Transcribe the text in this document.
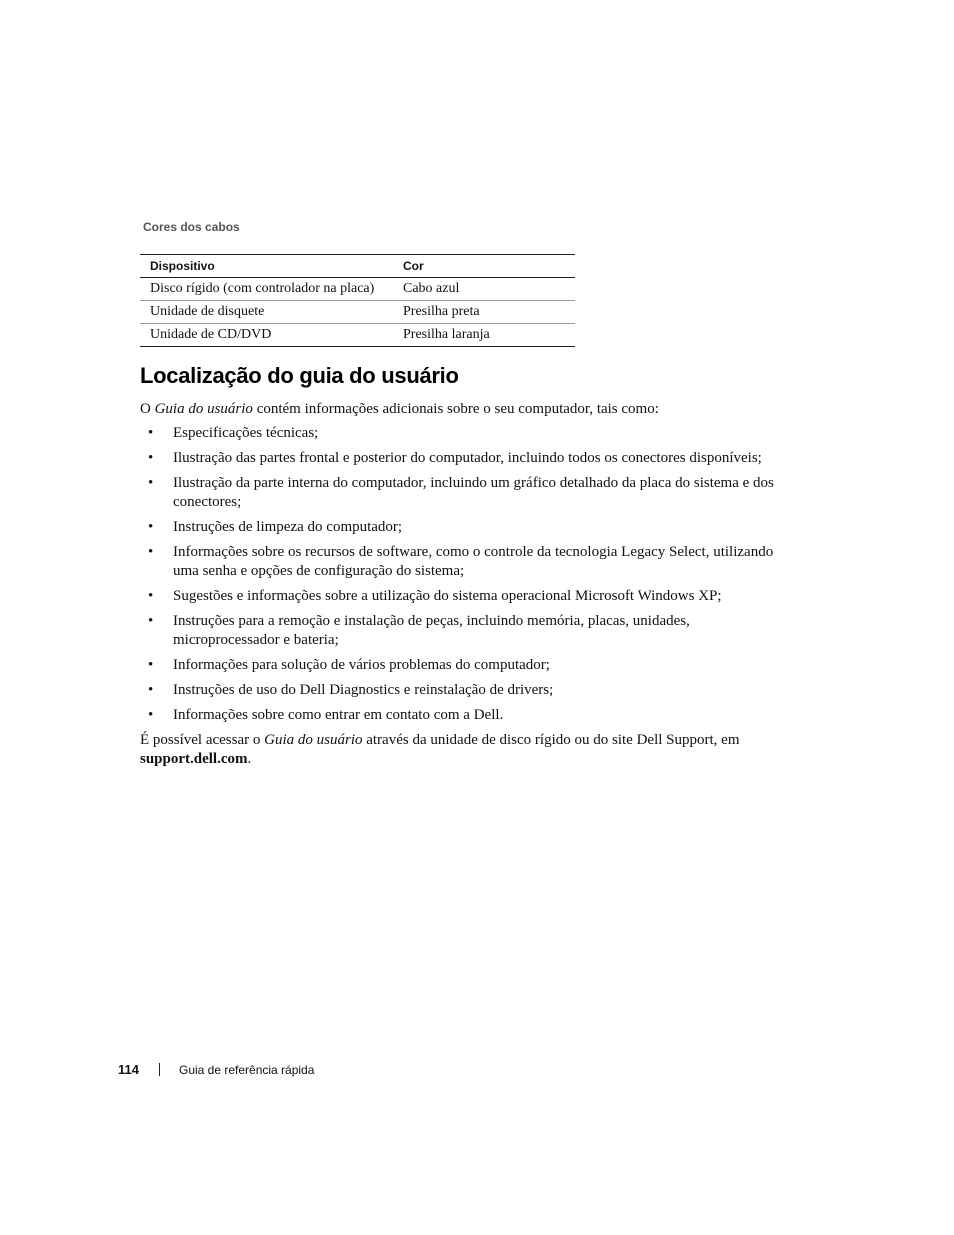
Cores dos cabos
Dispositivo	Cor
Disco rígido (com controlador na placa)	Cabo azul
Unidade de disquete	Presilha preta
Unidade de CD/DVD	Presilha laranja
Localização do guia do usuário

O Guia do usuário contém informações adicionais sobre o seu computador, tais como:

• Especificações técnicas;
• Ilustração das partes frontal e posterior do computador, incluindo todos os conectores disponíveis;
• Ilustração da parte interna do computador, incluindo um gráfico detalhado da placa do sistema e dos conectores;
• Instruções de limpeza do computador;
• Informações sobre os recursos de software, como o controle da tecnologia Legacy Select, utilizando uma senha e opções de configuração do sistema;
• Sugestões e informações sobre a utilização do sistema operacional Microsoft Windows XP;
• Instruções para a remoção e instalação de peças, incluindo memória, placas, unidades, microprocessador e bateria;
• Informações para solução de vários problemas do computador;
• Instruções de uso do Dell Diagnostics e reinstalação de drivers;
• Informações sobre como entrar em contato com a Dell.

É possível acessar o Guia do usuário através da unidade de disco rígido ou do site Dell Support, em support.dell.com.

114	Guia de referência rápida
